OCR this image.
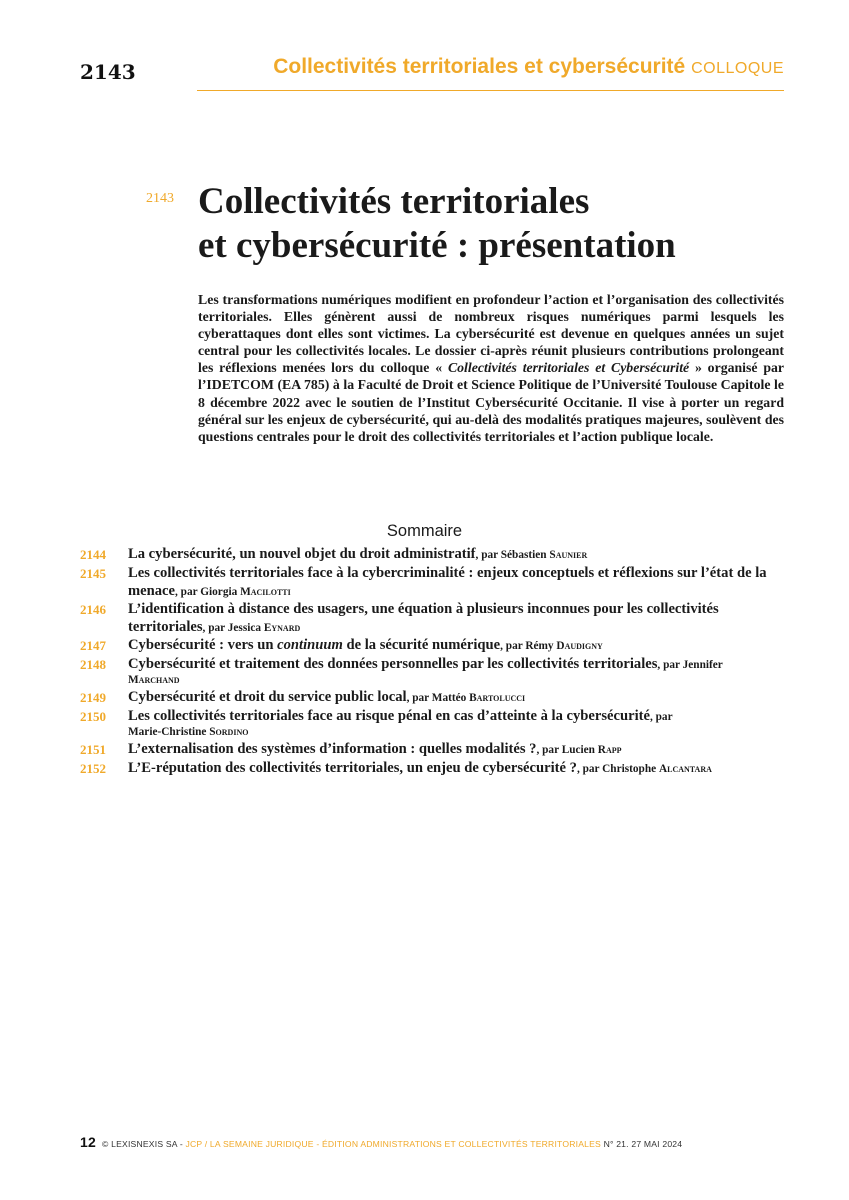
2143	Collectivités territoriales et cybersécurité COLLOQUE
2143 Collectivités territoriales
et cybersécurité : présentation

Les transformations numériques modifient en profondeur l’action et l’organisation des collectivités territoriales. Elles génèrent aussi de nombreux risques numériques parmi lesquels les cyberattaques dont elles sont victimes. La cybersécurité est devenue en quelques années un sujet central pour les collectivités locales. Le dossier ci-après réunit plusieurs contributions prolongeant les réflexions menées lors du colloque « Collectivités territoriales et Cybersécurité » organisé par l’IDETCOM (EA 785) à la Faculté de Droit et Science Politique de l’Université Toulouse Capitole le 8 décembre 2022 avec le soutien de l’Institut Cybersécurité Occitanie. Il vise à porter un regard général sur les enjeux de cybersécurité, qui au-delà des modalités pratiques majeures, soulèvent des questions centrales pour le droit des collectivités territoriales et l’action publique locale.

Sommaire
2144	La cybersécurité, un nouvel objet du droit administratif, par Sébastien Saunier
2145	Les collectivités territoriales face à la cybercriminalité : enjeux conceptuels et réflexions sur l’état de la menace, par Giorgia Macilotti
2146	L’identification à distance des usagers, une équation à plusieurs inconnues pour les collectivités territoriales, par Jessica Eynard
2147	Cybersécurité : vers un continuum de la sécurité numérique, par Rémy Daudigny
2148	Cybersécurité et traitement des données personnelles par les collectivités territoriales, par Jennifer
Marchand
2149	Cybersécurité et droit du service public local, par Mattéo Bartolucci
2150	Les collectivités territoriales face au risque pénal en cas d’atteinte à la cybersécurité, par
Marie-Christine Sordino
2151	L’externalisation des systèmes d’information : quelles modalités ?, par Lucien Rapp
2152	L’E-réputation des collectivités territoriales, un enjeu de cybersécurité ?, par Christophe Alcantara
12 © LEXISNEXIS SA - JCP / LA SEMAINE JURIDIQUE - ÉDITION ADMINISTRATIONS ET COLLECTIVITÉS TERRITORIALES N° 21. 27 MAI 2024
